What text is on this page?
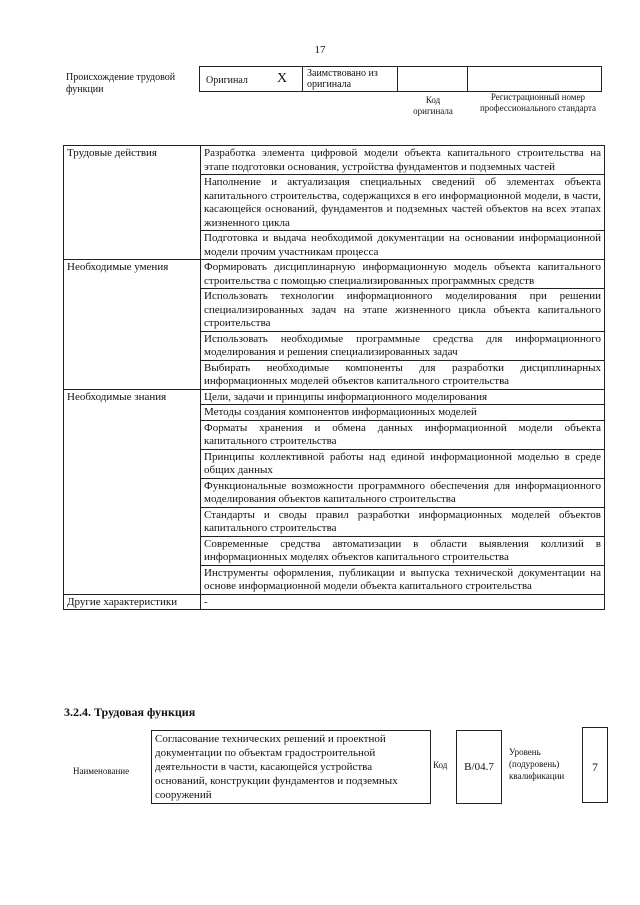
17
Происхождение трудовой функции
Оригинал X	Заимствовано из оригинала
Код оригинала
Регистрационный номер профессионального стандарта
Трудовые действия	Разработка элемента цифровой модели объекта капитального строительства на этапе подготовки основания, устройства фундаментов и подземных частей
	Наполнение и актуализация специальных сведений об элементах объекта капитального строительства, содержащихся в его информационной модели, в части, касающейся оснований, фундаментов и подземных частей объектов на всех этапах жизненного цикла
	Подготовка и выдача необходимой документации на основании информационной модели прочим участникам процесса
Необходимые умения	Формировать дисциплинарную информационную модель объекта капитального строительства с помощью специализированных программных средств
	Использовать технологии информационного моделирования при решении специализированных задач на этапе жизненного цикла объекта капитального строительства
	Использовать необходимые программные средства для информационного моделирования и решения специализированных задач
	Выбирать необходимые компоненты для разработки дисциплинарных информационных моделей объектов капитального строительства
Необходимые знания	Цели, задачи и принципы информационного моделирования
	Методы создания компонентов информационных моделей
	Форматы хранения и обмена данных информационной модели объекта капитального строительства
	Принципы коллективной работы над единой информационной моделью в среде общих данных
	Функциональные возможности программного обеспечения для информационного моделирования объектов капитального строительства
	Стандарты и своды правил разработки информационных моделей объектов капитального строительства
	Современные средства автоматизации в области выявления коллизий в информационных моделях объектов капитального строительства
	Инструменты оформления, публикации и выпуска технической документации на основе информационной модели объекта капитального строительства
Другие характеристики	-
3.2.4. Трудовая функция
Наименование
Согласование технических решений и проектной документации по объектам градостроительной деятельности в части, касающейся устройства оснований, конструкции фундаментов и подземных сооружений
Код	B/04.7
Уровень (подуровень) квалификации
7
